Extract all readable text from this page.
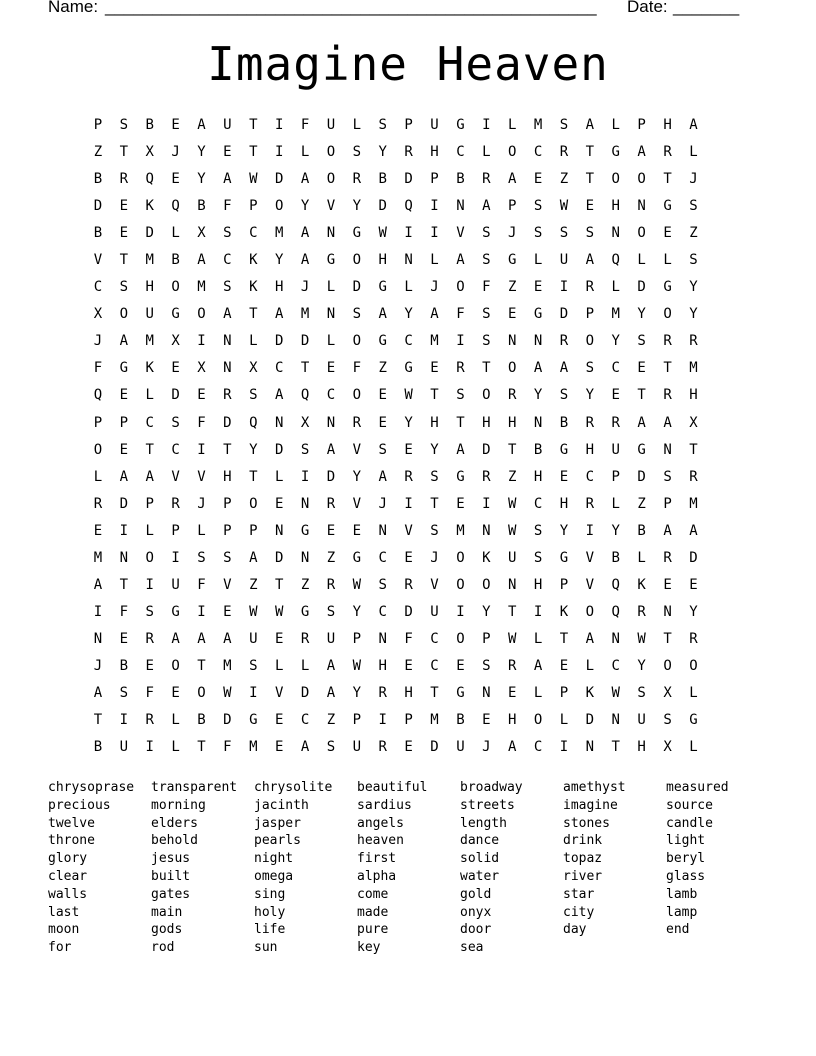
Name: ____________________________________________________ Date: _______
Imagine Heaven
P	S	B	E	A	U	T	I	F	U	L	S	P	U	G	I	L	M	S	A	L	P	H	A
Z	T	X	J	Y	E	T	I	L	O	S	Y	R	H	C	L	O	C	R	T	G	A	R	L
B	R	Q	E	Y	A	W	D	A	O	R	B	D	P	B	R	A	E	Z	T	O	O	T	J
D	E	K	Q	B	F	P	O	Y	V	Y	D	Q	I	N	A	P	S	W	E	H	N	G	S
B	E	D	L	X	S	C	M	A	N	G	W	I	I	V	S	J	S	S	S	N	O	E	Z
V	T	M	B	A	C	K	Y	A	G	O	H	N	L	A	S	G	L	U	A	Q	L	L	S
C	S	H	O	M	S	K	H	J	L	D	G	L	J	O	F	Z	E	I	R	L	D	G	Y
X	O	U	G	O	A	T	A	M	N	S	A	Y	A	F	S	E	G	D	P	M	Y	O	Y
J	A	M	X	I	N	L	D	D	L	O	G	C	M	I	S	N	N	R	O	Y	S	R	R
F	G	K	E	X	N	X	C	T	E	F	Z	G	E	R	T	O	A	A	S	C	E	T	M
Q	E	L	D	E	R	S	A	Q	C	O	E	W	T	S	O	R	Y	S	Y	E	T	R	H
P	P	C	S	F	D	Q	N	X	N	R	E	Y	H	T	H	H	N	B	R	R	A	A	X
O	E	T	C	I	T	Y	D	S	A	V	S	E	Y	A	D	T	B	G	H	U	G	N	T
L	A	A	V	V	H	T	L	I	D	Y	A	R	S	G	R	Z	H	E	C	P	D	S	R
R	D	P	R	J	P	O	E	N	R	V	J	I	T	E	I	W	C	H	R	L	Z	P	M
E	I	L	P	L	P	P	N	G	E	E	N	V	S	M	N	W	S	Y	I	Y	B	A	A
M	N	O	I	S	S	A	D	N	Z	G	C	E	J	O	K	U	S	G	V	B	L	R	D
A	T	I	U	F	V	Z	T	Z	R	W	S	R	V	O	O	N	H	P	V	Q	K	E	E
I	F	S	G	I	E	W	W	G	S	Y	C	D	U	I	Y	T	I	K	O	Q	R	N	Y
N	E	R	A	A	A	U	E	R	U	P	N	F	C	O	P	W	L	T	A	N	W	T	R
J	B	E	O	T	M	S	L	L	A	W	H	E	C	E	S	R	A	E	L	C	Y	O	O
A	S	F	E	O	W	I	V	D	A	Y	R	H	T	G	N	E	L	P	K	W	S	X	L
T	I	R	L	B	D	G	E	C	Z	P	I	P	M	B	E	H	O	L	D	N	U	S	G
B	U	I	L	T	F	M	E	A	S	U	R	E	D	U	J	A	C	I	N	T	H	X	L
chrysoprase
precious
twelve
throne
glory
clear
walls
last
moon
for
transparent
morning
elders
behold
jesus
built
gates
main
gods
rod
chrysolite
jacinth
jasper
pearls
night
omega
sing
holy
life
sun
beautiful
sardius
angels
heaven
first
alpha
come
made
pure
key
broadway
streets
length
dance
solid
water
gold
onyx
door
sea
amethyst
imagine
stones
drink
topaz
river
star
city
day
measured
source
candle
light
beryl
glass
lamb
lamp
end
